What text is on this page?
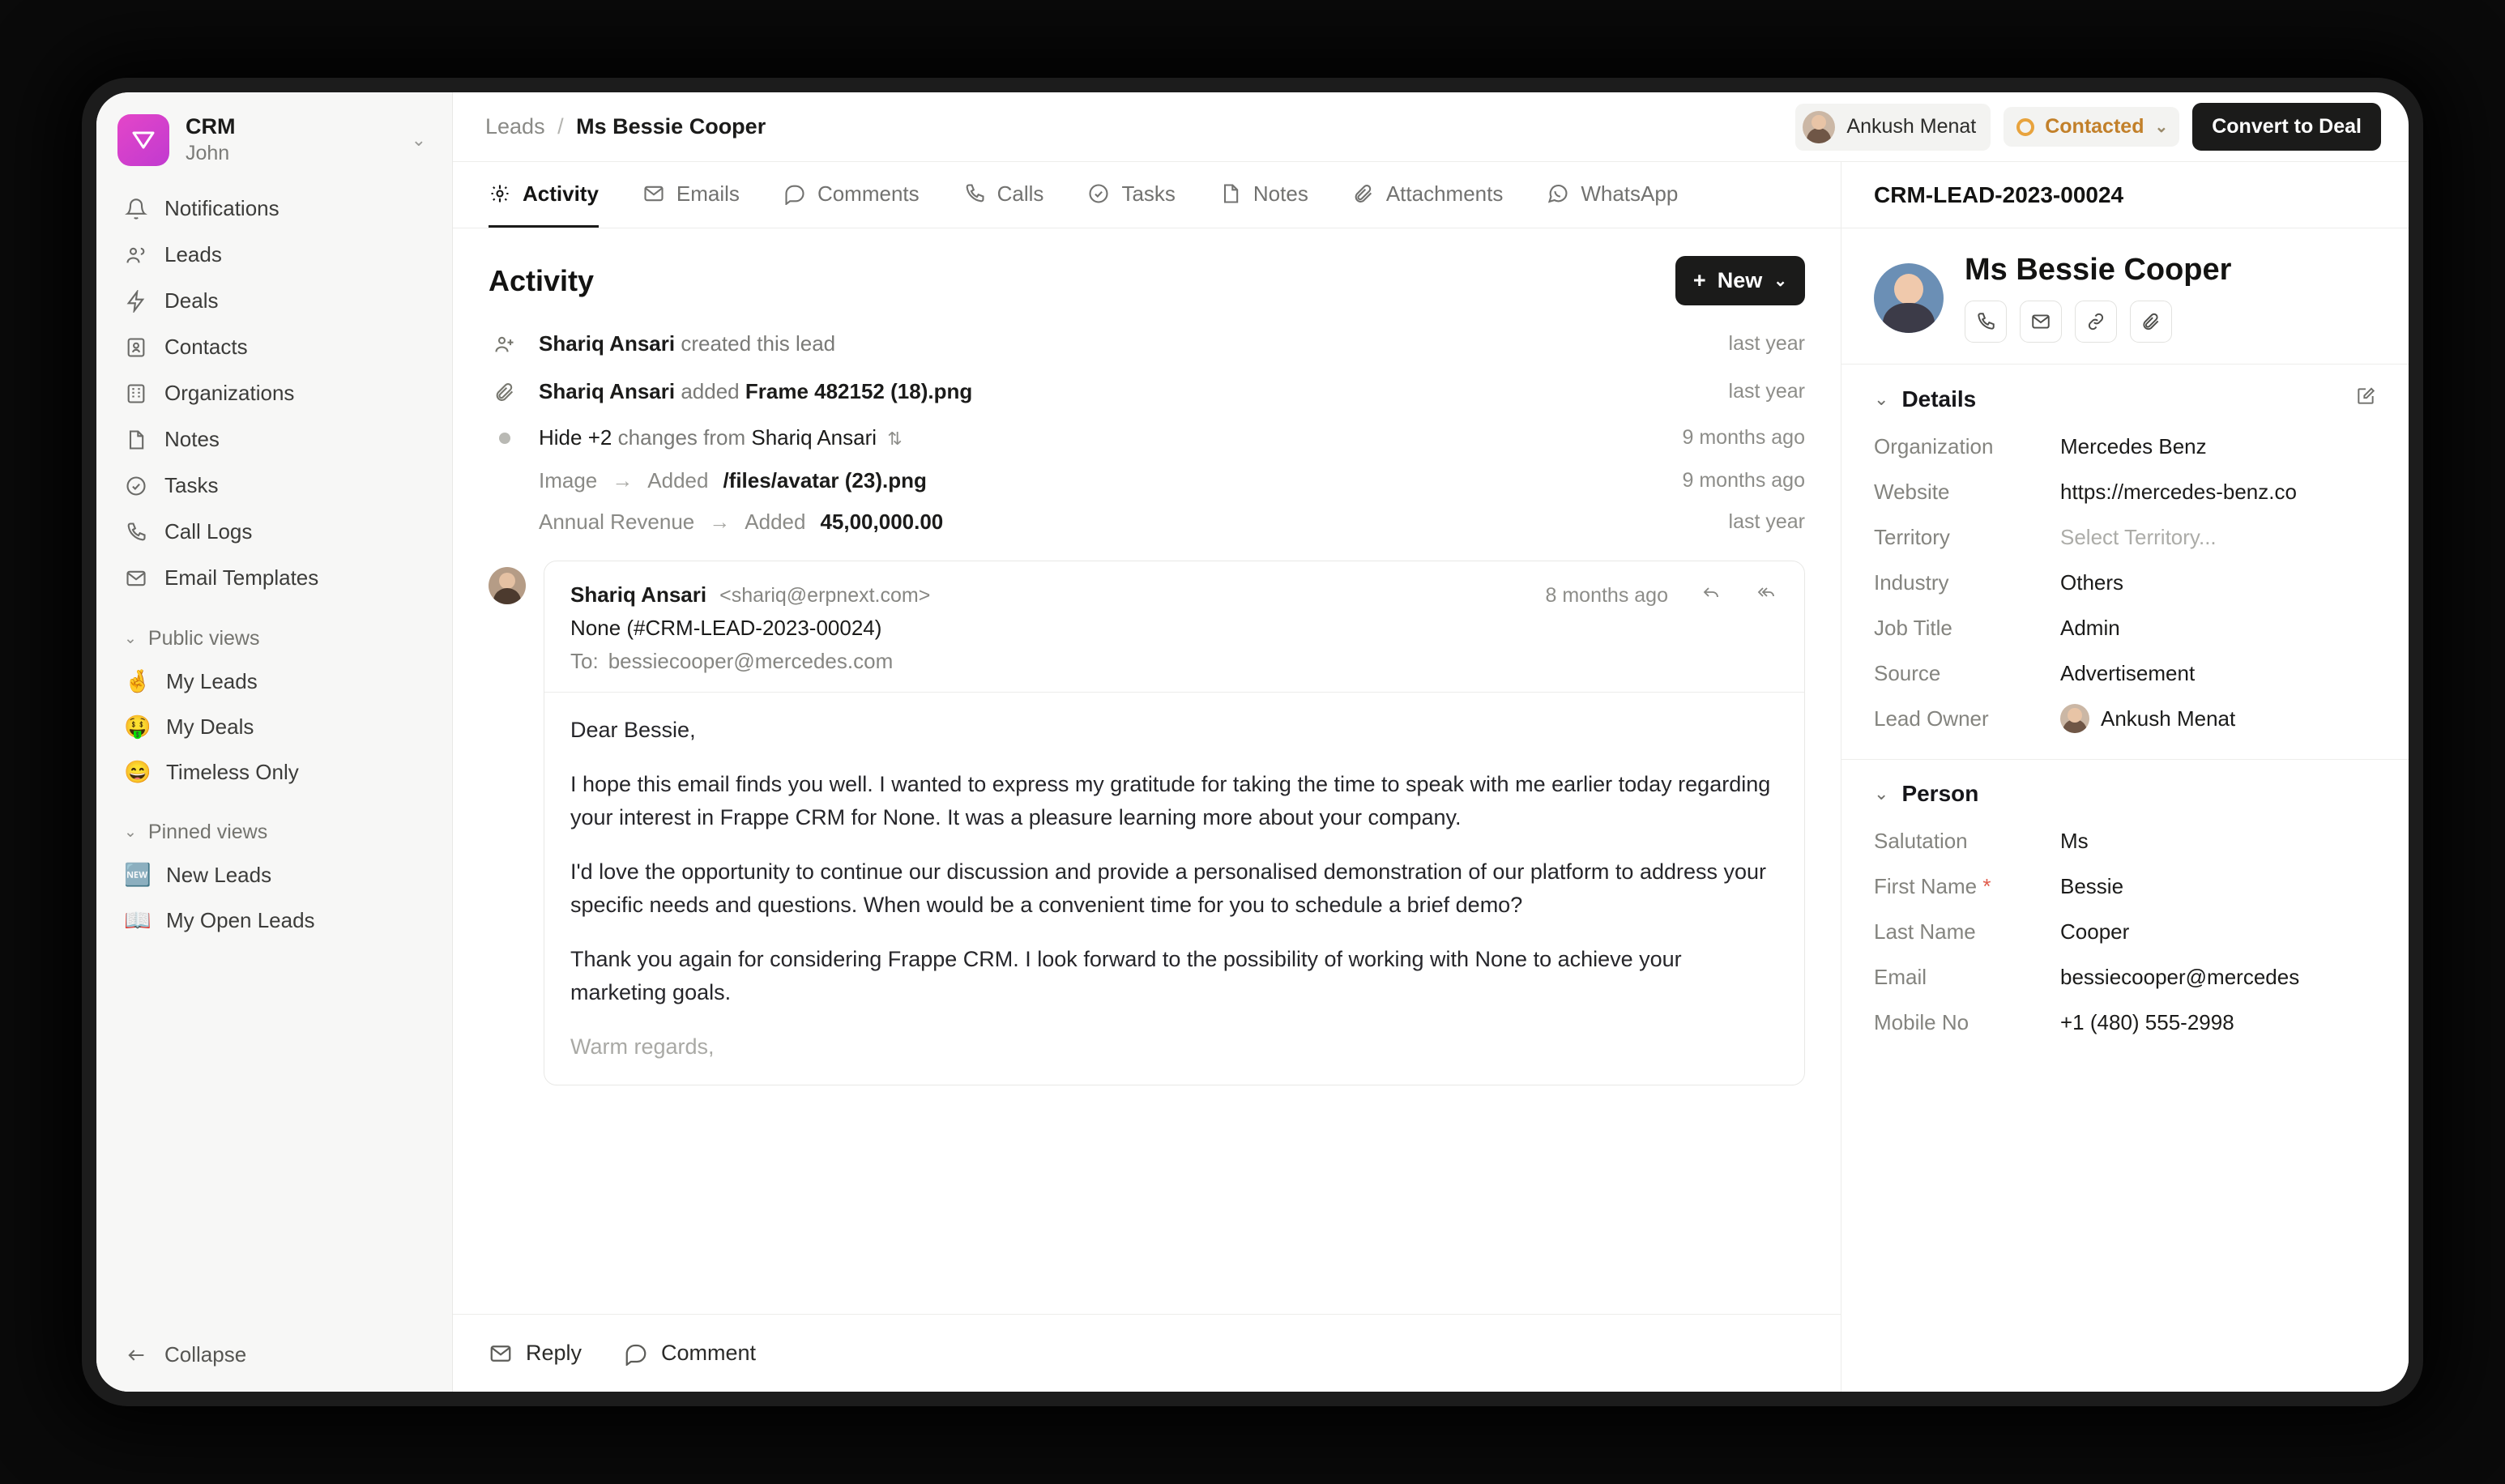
CRM
John
⌄
Notifications
Leads
Deals
Contacts
Organizations
Notes
Tasks
Call Logs
Email Templates
⌄ Public views
🤞 My Leads
🤑 My Deals
😄 Timeless Only
⌄ Pinned views
🆕 New Leads
📖 My Open Leads
Collapse
Leads / Ms Bessie Cooper	Ankush Menat	Contacted ⌄	Convert to Deal
Activity	Emails	Comments	Calls	Tasks	Notes	Attachments	WhatsApp
Activity	+ New ⌄
Shariq Ansari created this lead	last year
Shariq Ansari added Frame 482152 (18).png	last year
Hide +2 changes from Shariq Ansari ⇅	9 months ago
Image → Added /files/avatar (23).png	9 months ago
Annual Revenue → Added 45,00,000.00	last year
Shariq Ansari <shariq@erpnext.com>	8 months ago
None (#CRM-LEAD-2023-00024)
To: bessiecooper@mercedes.com

Dear Bessie,

I hope this email finds you well. I wanted to express my gratitude for taking the time to speak with me earlier today regarding your interest in Frappe CRM for None. It was a pleasure learning more about your company.

I'd love the opportunity to continue our discussion and provide a personalised demonstration of our platform to address your specific needs and questions. When would be a convenient time for you to schedule a brief demo?

Thank you again for considering Frappe CRM. I look forward to the possibility of working with None to achieve your marketing goals.

Warm regards,

Reply	Comment
CRM-LEAD-2023-00024
Ms Bessie Cooper
⌄ Details
Organization	Mercedes Benz
Website	https://mercedes-benz.co
Territory	Select Territory...
Industry	Others
Job Title	Admin
Source	Advertisement
Lead Owner	Ankush Menat
⌄ Person
Salutation	Ms
First Name *	Bessie
Last Name	Cooper
Email	bessiecooper@mercedes
Mobile No	+1 (480) 555-2998
